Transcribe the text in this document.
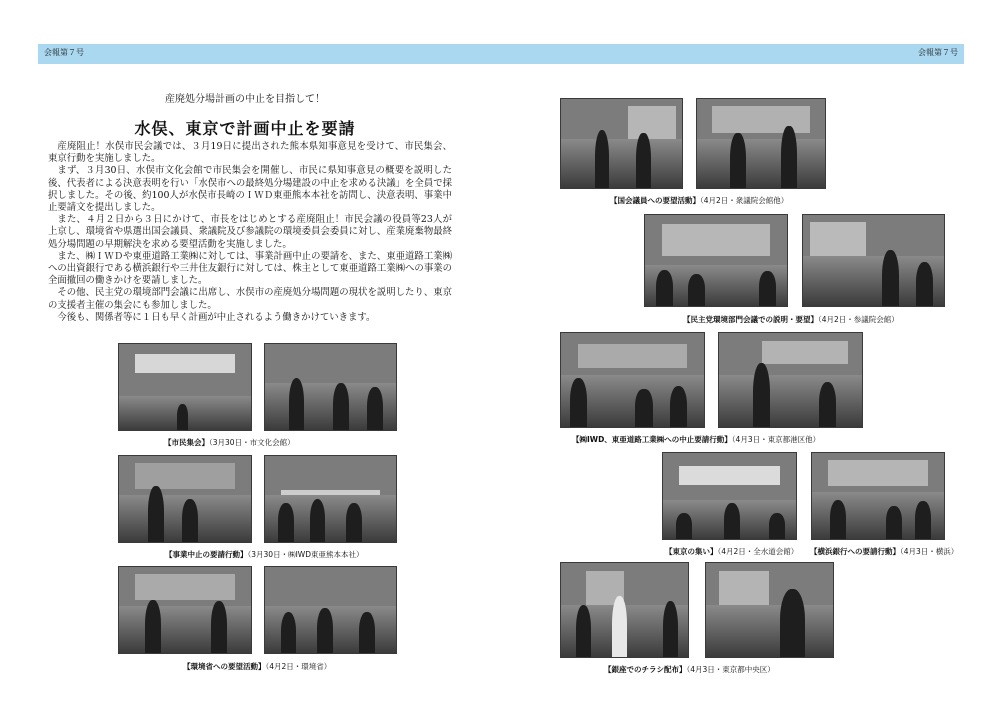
会報第７号	会報第７号
産廃処分場計画の中止を目指して！
水俣、東京で計画中止を要請

産廃阻止！水俣市民会議では、３月19日に提出された熊本県知事意見を受けて、市民集会、東京行動を実施しました。

まず、３月30日、水俣市文化会館で市民集会を開催し、市民に県知事意見の概要を説明した後、代表者による決意表明を行い「水俣市への最終処分場建設の中止を求める決議」を全員で採択しました。その後、約100人が水俣市長崎のＩＷＤ東亜熊本本社を訪問し、決意表明、事業中止要請文を提出しました。

また、４月２日から３日にかけて、市長をはじめとする産廃阻止！市民会議の役員等23人が上京し、環境省や県選出国会議員、衆議院及び参議院の環境委員会委員に対し、産業廃棄物最終処分場問題の早期解決を求める要望活動を実施しました。

また、㈱ＩＷＤや東亜道路工業㈱に対しては、事業計画中止の要請を、また、東亜道路工業㈱への出資銀行である横浜銀行や三井住友銀行に対しては、株主として東亜道路工業㈱への事業の全面撤回の働きかけを要請しました。

その他、民主党の環境部門会議に出席し、水俣市の産廃処分場問題の現状を説明したり、東京の支援者主催の集会にも参加しました。

今後も、関係者等に１日も早く計画が中止されるよう働きかけていきます。

【市民集会】（3月30日・市文化会館）
【事業中止の要請行動】（3月30日・㈱IWD東亜熊本本社）
【環境省への要望活動】（4月2日・環境省）
【国会議員への要望活動】（4月2日・衆議院会館他）
【民主党環境部門会議での説明・要望】（4月2日・参議院会館）
【㈱IWD、東亜道路工業㈱への中止要請行動】（4月3日・東京都港区他）
【東京の集い】（4月2日・全水道会館） 【横浜銀行への要請行動】（4月3日・横浜）
【銀座でのチラシ配布】（4月3日・東京都中央区）
